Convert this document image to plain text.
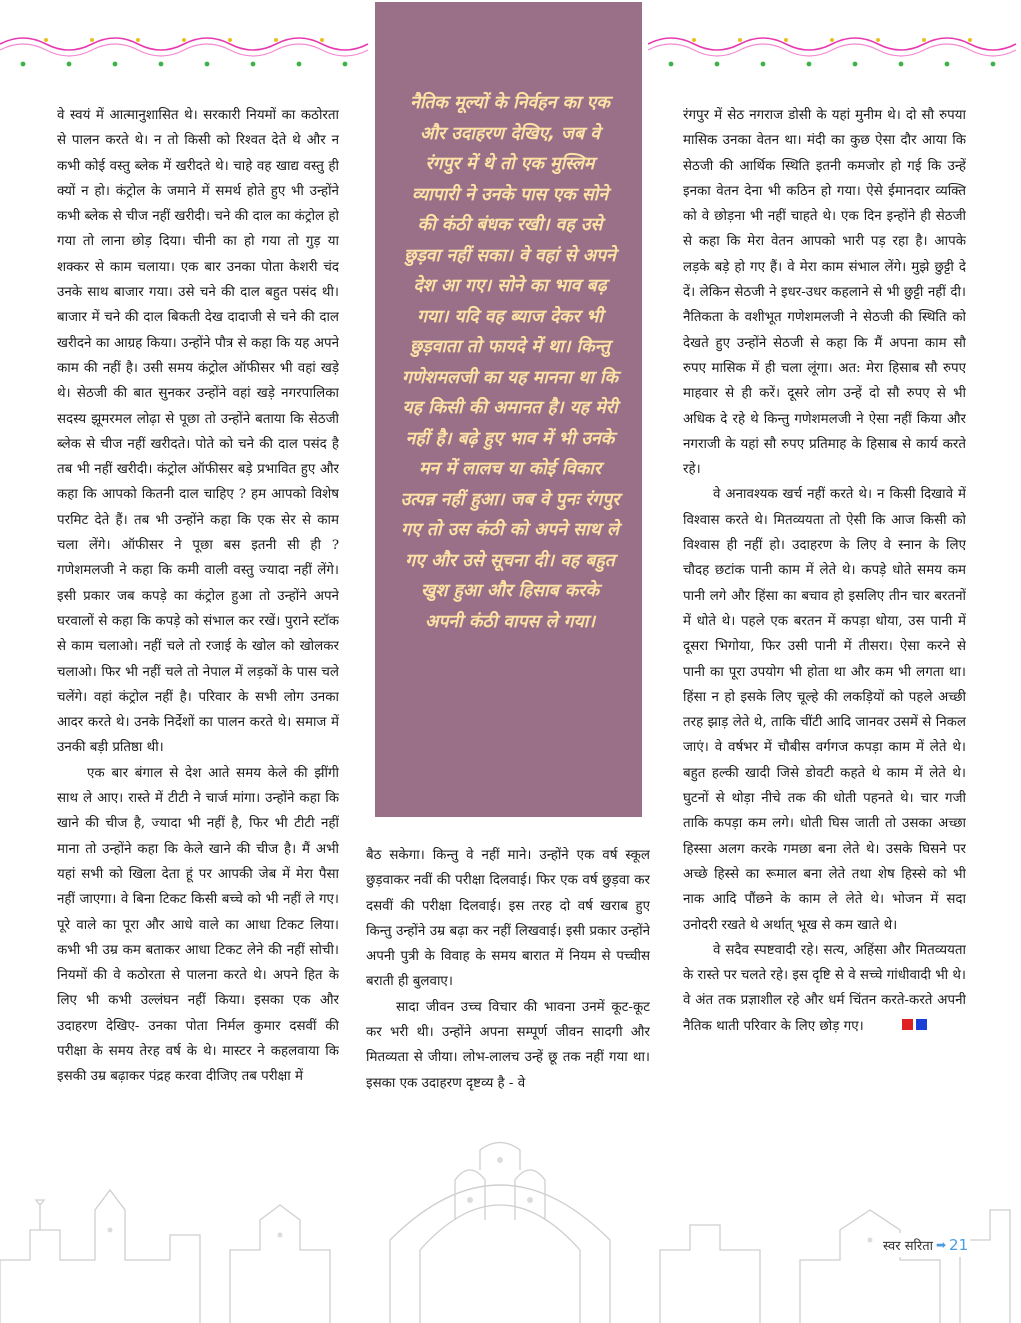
वे स्वयं में आत्मानुशासित थे। सरकारी नियमों का कठोरता से पालन करते थे। न तो किसी को रिश्वत देते थे और न कभी कोई वस्तु ब्लेक में खरीदते थे। चाहे वह खाद्य वस्तु ही क्यों न हो। कंट्रोल के जमाने में समर्थ होते हुए भी उन्होंने कभी ब्लेक से चीज नहीं खरीदी। चने की दाल का कंट्रोल हो गया तो लाना छोड़ दिया। चीनी का हो गया तो गुड़ या शक्कर से काम चलाया। एक बार उनका पोता केशरी चंद उनके साथ बाजार गया। उसे चने की दाल बहुत पसंद थी। बाजार में चने की दाल बिकती देख दादाजी से चने की दाल खरीदने का आग्रह किया। उन्होंने पौत्र से कहा कि यह अपने काम की नहीं है। उसी समय कंट्रोल ऑफीसर भी वहां खड़े थे। सेठजी की बात सुनकर उन्होंने वहां खड़े नगरपालिका सदस्य झूमरमल लोढ़ा से पूछा तो उन्होंने बताया कि सेठजी ब्लेक से चीज नहीं खरीदते। पोते को चने की दाल पसंद है तब भी नहीं खरीदी। कंट्रोल ऑफीसर बड़े प्रभावित हुए और कहा कि आपको कितनी दाल चाहिए ? हम आपको विशेष परमिट देते हैं। तब भी उन्होंने कहा कि एक सेर से काम चला लेंगे। ऑफीसर ने पूछा बस इतनी सी ही ? गणेशमलजी ने कहा कि कमी वाली वस्तु ज्यादा नहीं लेंगे। इसी प्रकार जब कपड़े का कंट्रोल हुआ तो उन्होंने अपने घरवालों से कहा कि कपड़े को संभाल कर रखें। पुराने स्टॉक से काम चलाओ। नहीं चले तो रजाई के खोल को खोलकर चलाओ। फिर भी नहीं चले तो नेपाल में लड़कों के पास चले चलेंगे। वहां कंट्रोल नहीं है। परिवार के सभी लोग उनका आदर करते थे। उनके निर्देशों का पालन करते थे। समाज में उनकी बड़ी प्रतिष्ठा थी।

एक बार बंगाल से देश आते समय केले की झींगी साथ ले आए। रास्ते में टीटी ने चार्ज मांगा। उन्होंने कहा कि खाने की चीज है, ज्यादा भी नहीं है, फिर भी टीटी नहीं माना तो उन्होंने कहा कि केले खाने की चीज है। मैं अभी यहां सभी को खिला देता हूं पर आपकी जेब में मेरा पैसा नहीं जाएगा। वे बिना टिकट किसी बच्चे को भी नहीं ले गए। पूरे वाले का पूरा और आधे वाले का आधा टिकट लिया। कभी भी उम्र कम बताकर आधा टिकट लेने की नहीं सोची। नियमों की वे कठोरता से पालना करते थे। अपने हित के लिए भी कभी उल्लंघन नहीं किया। इसका एक और उदाहरण देखिए- उनका पोता निर्मल कुमार दसवीं की परीक्षा के समय तेरह वर्ष के थे। मास्टर ने कहलवाया कि इसकी उम्र बढ़ाकर पंद्रह करवा दीजिए तब परीक्षा में

नैतिक मूल्यों के निर्वहन का एक और उदाहरण देखिए, जब वे रंगपुर में थे तो एक मुस्लिम व्यापारी ने उनके पास एक सोने की कंठी बंधक रखी। वह उसे छुड़वा नहीं सका। वे वहां से अपने देश आ गए। सोने का भाव बढ़ गया। यदि वह ब्याज देकर भी छुड़वाता तो फायदे में था। किन्तु गणेशमलजी का यह मानना था कि यह किसी की अमानत है। यह मेरी नहीं है। बढ़े हुए भाव में भी उनके मन में लालच या कोई विकार उत्पन्न नहीं हुआ। जब वे पुनः रंगपुर गए तो उस कंठी को अपने साथ ले गए और उसे सूचना दी। वह बहुत खुश हुआ और हिसाब करके अपनी कंठी वापस ले गया।

बैठ सकेगा। किन्तु वे नहीं माने। उन्होंने एक वर्ष स्कूल छुड़वाकर नवीं की परीक्षा दिलवाई। फिर एक वर्ष छुड़वा कर दसवीं की परीक्षा दिलवाई। इस तरह दो वर्ष खराब हुए किन्तु उन्होंने उम्र बढ़ा कर नहीं लिखवाई। इसी प्रकार उन्होंने अपनी पुत्री के विवाह के समय बारात में नियम से पच्चीस बराती ही बुलवाए।

सादा जीवन उच्च विचार की भावना उनमें कूट-कूट कर भरी थी। उन्होंने अपना सम्पूर्ण जीवन सादगी और मितव्यता से जीया। लोभ-लालच उन्हें छू तक नहीं गया था। इसका एक उदाहरण दृष्टव्य है - वे

रंगपुर में सेठ नगराज डोसी के यहां मुनीम थे। दो सौ रुपया मासिक उनका वेतन था। मंदी का कुछ ऐसा दौर आया कि सेठजी की आर्थिक स्थिति इतनी कमजोर हो गई कि उन्हें इनका वेतन देना भी कठिन हो गया। ऐसे ईमानदार व्यक्ति को वे छोड़ना भी नहीं चाहते थे। एक दिन इन्होंने ही सेठजी से कहा कि मेरा वेतन आपको भारी पड़ रहा है। आपके लड़के बड़े हो गए हैं। वे मेरा काम संभाल लेंगे। मुझे छुट्टी दे दें। लेकिन सेठजी ने इधर-उधर कहलाने से भी छुट्टी नहीं दी। नैतिकता के वशीभूत गणेशमलजी ने सेठजी की स्थिति को देखते हुए उन्होंने सेठजी से कहा कि मैं अपना काम सौ रुपए मासिक में ही चला लूंगा। अत: मेरा हिसाब सौ रुपए माहवार से ही करें। दूसरे लोग उन्हें दो सौ रुपए से भी अधिक दे रहे थे किन्तु गणेशमलजी ने ऐसा नहीं किया और नगराजी के यहां सौ रुपए प्रतिमाह के हिसाब से कार्य करते रहे।

वे अनावश्यक खर्च नहीं करते थे। न किसी दिखावे में विश्वास करते थे। मितव्ययता तो ऐसी कि आज किसी को विश्वास ही नहीं हो। उदाहरण के लिए वे स्नान के लिए चौदह छटांक पानी काम में लेते थे। कपड़े धोते समय कम पानी लगे और हिंसा का बचाव हो इसलिए तीन चार बरतनों में धोते थे। पहले एक बरतन में कपड़ा धोया, उस पानी में दूसरा भिगोया, फिर उसी पानी में तीसरा। ऐसा करने से पानी का पूरा उपयोग भी होता था और कम भी लगता था। हिंसा न हो इसके लिए चूल्हे की लकड़ियों को पहले अच्छी तरह झाड़ लेते थे, ताकि चींटी आदि जानवर उसमें से निकल जाएं। वे वर्षभर में चौबीस वर्गगज कपड़ा काम में लेते थे। बहुत हल्की खादी जिसे डोवटी कहते थे काम में लेते थे। घुटनों से थोड़ा नीचे तक की धोती पहनते थे। चार गजी ताकि कपड़ा कम लगे। धोती घिस जाती तो उसका अच्छा हिस्सा अलग करके गमछा बना लेते थे। उसके घिसने पर अच्छे हिस्से का रूमाल बना लेते तथा शेष हिस्से को भी नाक आदि पौंछने के काम ले लेते थे। भोजन में सदा उनोदरी रखते थे अर्थात् भूख से कम खाते थे।

वे सदैव स्पष्टवादी रहे। सत्य, अहिंसा और मितव्ययता के रास्ते पर चलते रहे। इस दृष्टि से वे सच्चे गांधीवादी भी थे। वे अंत तक प्रज्ञाशील रहे और धर्म चिंतन करते-करते अपनी नैतिक थाती परिवार के लिए छोड़ गए।

स्वर सरिता ➡ 21
